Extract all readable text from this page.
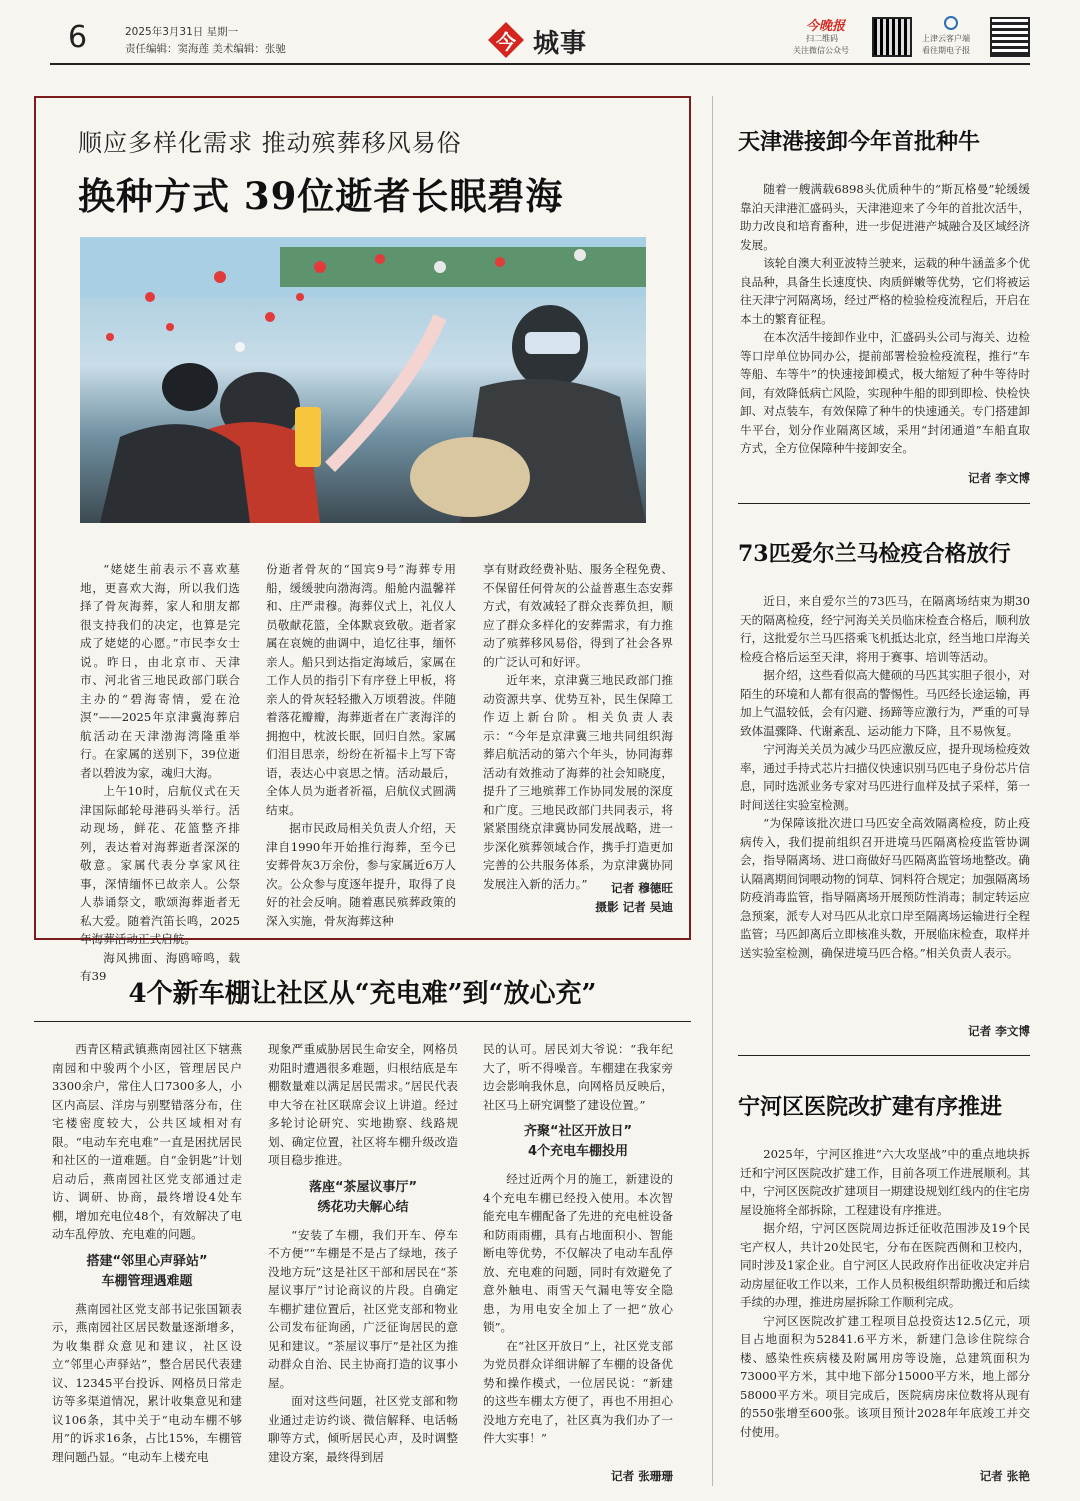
6	2025年3月31日 星期一
责任编辑：窦海莲 美术编辑：张驰	今 城事
今晚报
扫二维码
关注微信公众号
上津云客户端
看往期电子报
顺应多样化需求 推动殡葬移风易俗
换种方式 39位逝者长眠碧海

“姥姥生前表示不喜欢墓地，更喜欢大海，所以我们选择了骨灰海葬，家人和朋友都很支持我们的决定，也算是完成了姥姥的心愿。”市民李女士说。昨日，由北京市、天津市、河北省三地民政部门联合主办的“碧海寄情，爱在沧溟”——2025年京津冀海葬启航活动在天津渤海湾隆重举行。在家属的送别下，39位逝者以碧波为家，魂归大海。

上午10时，启航仪式在天津国际邮轮母港码头举行。活动现场，鲜花、花篮整齐排列，表达着对海葬逝者深深的敬意。家属代表分享家风往事，深情缅怀已故亲人。公祭人恭诵祭文，歌颂海葬逝者无私大爱。随着汽笛长鸣，2025年海葬活动正式启航。

海风拂面、海鸥啼鸣，载有39

份逝者骨灰的“国宾9号”海葬专用船，缓缓驶向渤海湾。船舱内温馨祥和、庄严肃穆。海葬仪式上，礼仪人员敬献花篮，全体默哀致敬。逝者家属在哀婉的曲调中，追忆往事，缅怀亲人。船只到达指定海域后，家属在工作人员的指引下有序登上甲板，将亲人的骨灰轻轻撒入万顷碧波。伴随着落花瓣瓣，海葬逝者在广袤海洋的拥抱中，枕波长眠，回归自然。家属们泪目思亲，纷纷在祈福卡上写下寄语，表达心中哀思之情。活动最后，全体人员为逝者祈福，启航仪式圆满结束。

据市民政局相关负责人介绍，天津自1990年开始推行海葬，至今已安葬骨灰3万余份，参与家属近6万人次。公众参与度逐年提升，取得了良好的社会反响。随着惠民殡葬政策的深入实施，骨灰海葬这种

享有财政经费补贴、服务全程免费、不保留任何骨灰的公益普惠生态安葬方式，有效减轻了群众丧葬负担，顺应了群众多样化的安葬需求，有力推动了殡葬移风易俗，得到了社会各界的广泛认可和好评。

近年来，京津冀三地民政部门推动资源共享、优势互补，民生保障工作迈上新台阶。相关负责人表示：“今年是京津冀三地共同组织海葬启航活动的第六个年头，协同海葬活动有效推动了海葬的社会知晓度，提升了三地殡葬工作协同发展的深度和广度。三地民政部门共同表示，将紧紧围绕京津冀协同发展战略，进一步深化殡葬领域合作，携手打造更加完善的公共服务体系，为京津冀协同发展注入新的活力。”	记者 穆德旺
摄影 记者 吴迪
4个新车棚让社区从“充电难”到“放心充”

西青区精武镇燕南园社区下辖燕南园和中骏两个小区，管理居民户3300余户，常住人口7300多人，小区内高层、洋房与别墅错落分布，住宅楼密度较大，公共区域相对有限。“电动车充电难”一直是困扰居民和社区的一道难题。自“金钥匙”计划启动后，燕南园社区党支部通过走访、调研、协商，最终增设4处车棚，增加充电位48个，有效解决了电动车乱停放、充电难的问题。

搭建“邻里心声驿站”
车棚管理遇难题

燕南园社区党支部书记张国颖表示，燕南园社区居民数量逐渐增多，为收集群众意见和建议，社区设立“邻里心声驿站”，整合居民代表建议、12345平台投诉、网格员日常走访等多渠道情况，累计收集意见和建议106条，其中关于“电动车棚不够用”的诉求16条，占比15%，车棚管理问题凸显。“电动车上楼充电

现象严重威胁居民生命安全，网格员劝阻时遭遇很多难题，归根结底是车棚数量难以满足居民需求。”居民代表申大爷在社区联席会议上讲道。经过多轮讨论研究、实地勘察、线路规划、确定位置，社区将车棚升级改造项目稳步推进。

落座“茶屋议事厅”
绣花功夫解心结

“安装了车棚，我们开车、停车不方便”“车棚是不是占了绿地，孩子没地方玩”这是社区干部和居民在“茶屋议事厅”讨论商议的片段。自确定车棚扩建位置后，社区党支部和物业公司发布征询函，广泛征询居民的意见和建议。“茶屋议事厅”是社区为推动群众自治、民主协商打造的议事小屋。

面对这些问题，社区党支部和物业通过走访约谈、微信解释、电话畅聊等方式，倾听居民心声，及时调整建设方案，最终得到居

民的认可。居民刘大爷说：“我年纪大了，听不得噪音。车棚建在我家旁边会影响我休息，向网格员反映后，社区马上研究调整了建设位置。”

齐聚“社区开放日”
4个充电车棚投用

经过近两个月的施工，新建设的4个充电车棚已经投入使用。本次智能充电车棚配备了先进的充电桩设备和防雨雨棚，具有占地面积小、智能断电等优势，不仅解决了电动车乱停放、充电难的问题，同时有效避免了意外触电、雨雪天气漏电等安全隐患，为用电安全加上了一把“放心锁”。

在“社区开放日”上，社区党支部为党员群众详细讲解了车棚的设备优势和操作模式，一位居民说：“新建的这些车棚太方便了，再也不用担心没地方充电了，社区真为我们办了一件大实事！”

记者 张珊珊
天津港接卸今年首批种牛

随着一艘满载6898头优质种牛的“斯瓦格曼”轮缓缓靠泊天津港汇盛码头，天津港迎来了今年的首批次活牛，助力改良和培育畜种，进一步促进港产城融合及区域经济发展。

该轮自澳大利亚波特兰驶来，运载的种牛涵盖多个优良品种，具备生长速度快、肉质鲜嫩等优势，它们将被运往天津宁河隔离场，经过严格的检验检疫流程后，开启在本土的繁育征程。

在本次活牛接卸作业中，汇盛码头公司与海关、边检等口岸单位协同办公，提前部署检验检疫流程，推行“车等船、车等牛”的快速接卸模式，极大缩短了种牛等待时间，有效降低病亡风险，实现种牛船的即到即检、快检快卸、对点装车，有效保障了种牛的快速通关。专门搭建卸牛平台，划分作业隔离区域，采用“封闭通道”车船直取方式，全方位保障种牛接卸安全。

记者 李文博
73匹爱尔兰马检疫合格放行

近日，来自爱尔兰的73匹马，在隔离场结束为期30天的隔离检疫，经宁河海关关员临床检查合格后，顺利放行，这批爱尔兰马匹搭乘飞机抵达北京，经当地口岸海关检疫合格后运至天津，将用于赛事、培训等活动。

据介绍，这些看似高大健硕的马匹其实胆子很小，对陌生的环境和人都有很高的警惕性。马匹经长途运输，再加上气温较低，会有闪避、扬蹄等应激行为，严重的可导致体温骤降、代谢紊乱、运动能力下降，且不易恢复。

宁河海关关员为减少马匹应激反应，提升现场检疫效率，通过手持式芯片扫描仪快速识别马匹电子身份芯片信息，同时选派业务专家对马匹进行血样及拭子采样，第一时间送往实验室检测。

“为保障该批次进口马匹安全高效隔离检疫，防止疫病传入，我们提前组织召开进境马匹隔离检疫监管协调会，指导隔离场、进口商做好马匹隔离监管场地整改。确认隔离期间饲喂动物的饲草、饲料符合规定；加强隔离场防疫消毒监管，指导隔离场开展预防性消毒；制定转运应急预案，派专人对马匹从北京口岸至隔离场运输进行全程监管；马匹卸离后立即核准头数，开展临床检查，取样并送实验室检测，确保进境马匹合格。”相关负责人表示。

记者 李文博
宁河区医院改扩建有序推进

2025年，宁河区推进“六大攻坚战”中的重点地块拆迁和宁河区医院改扩建工作，目前各项工作进展顺利。其中，宁河区医院改扩建项目一期建设规划红线内的住宅房屋设施将全部拆除，工程建设有序推进。

据介绍，宁河区医院周边拆迁征收范围涉及19个民宅产权人，共计20处民宅，分布在医院西侧和卫校内，同时涉及1家企业。自宁河区人民政府作出征收决定并启动房屋征收工作以来，工作人员积极组织帮助搬迁和后续手续的办理，推进房屋拆除工作顺利完成。

宁河区医院改扩建工程项目总投资达12.5亿元，项目占地面积为52841.6平方米，新建门急诊住院综合楼、感染性疾病楼及附属用房等设施，总建筑面积为73000平方米，其中地下部分15000平方米，地上部分58000平方米。项目完成后，医院病房床位数将从现有的550张增至600张。该项目预计2028年年底竣工并交付使用。

记者 张艳
